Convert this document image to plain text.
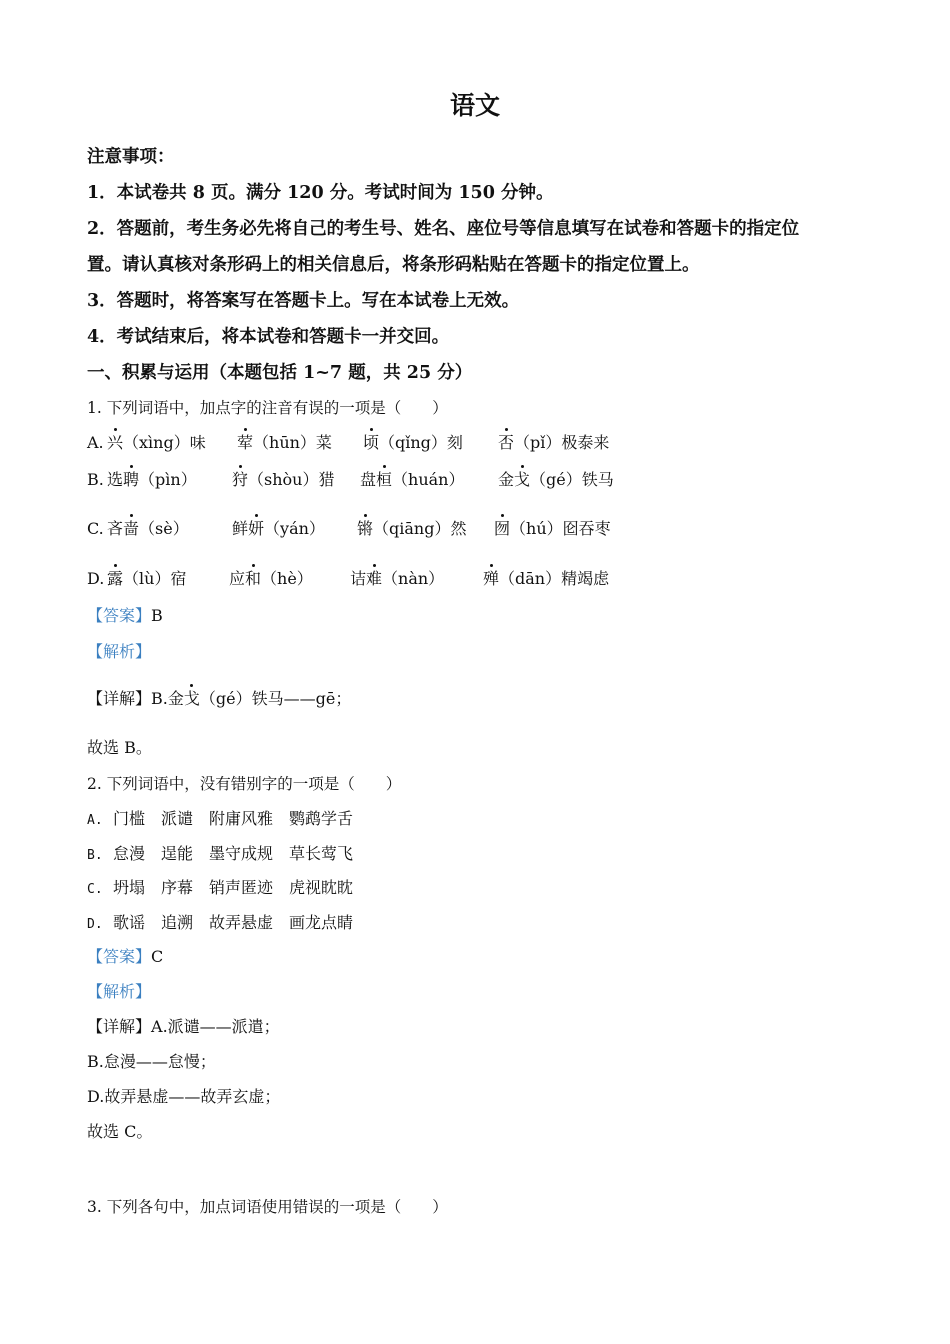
语文
注意事项：
1．本试卷共 8 页。满分 120 分。考试时间为 150 分钟。
2．答题前，考生务必先将自己的考生号、姓名、座位号等信息填写在试卷和答题卡的指定位
置。请认真核对条形码上的相关信息后，将条形码粘贴在答题卡的指定位置上。
3．答题时，将答案写在答题卡上。写在本试卷上无效。
4．考试结束后，将本试卷和答题卡一并交回。
一、积累与运用（本题包括 1~7 题，共 25 分）
1. 下列词语中，加点字的注音有误的一项是（　　）
A. 兴（xìng）味 荤（hūn）菜 顷（qǐng）刻 否（pǐ）极泰来
B. 选聘（pìn） 狩（shòu）猎 盘桓（huán） 金戈（gé）铁马
C. 吝啬（sè）	鲜妍（yán） 锵（qiāng）然 囫（hú）囵吞枣
D. 露（lù）宿	应和（hè） 诘难（nàn） 殚（dān）精竭虑
【答案】B
【解析】
【详解】B.金戈（gé）铁马——gē；
故选 B。
2. 下列词语中，没有错别字的一项是（　　）
A. 门槛 派谴 附庸风雅 鹦鹉学舌
B. 怠漫 逞能 墨守成规 草长莺飞
C. 坍塌 序幕 销声匿迹 虎视眈眈
D. 歌谣 追溯 故弄悬虚 画龙点睛
【答案】C
【解析】
【详解】A.派谴——派遣；
B.怠漫——怠慢；
D.故弄悬虚——故弄玄虚；
故选 C。
3. 下列各句中，加点词语使用错误的一项是（　　）
